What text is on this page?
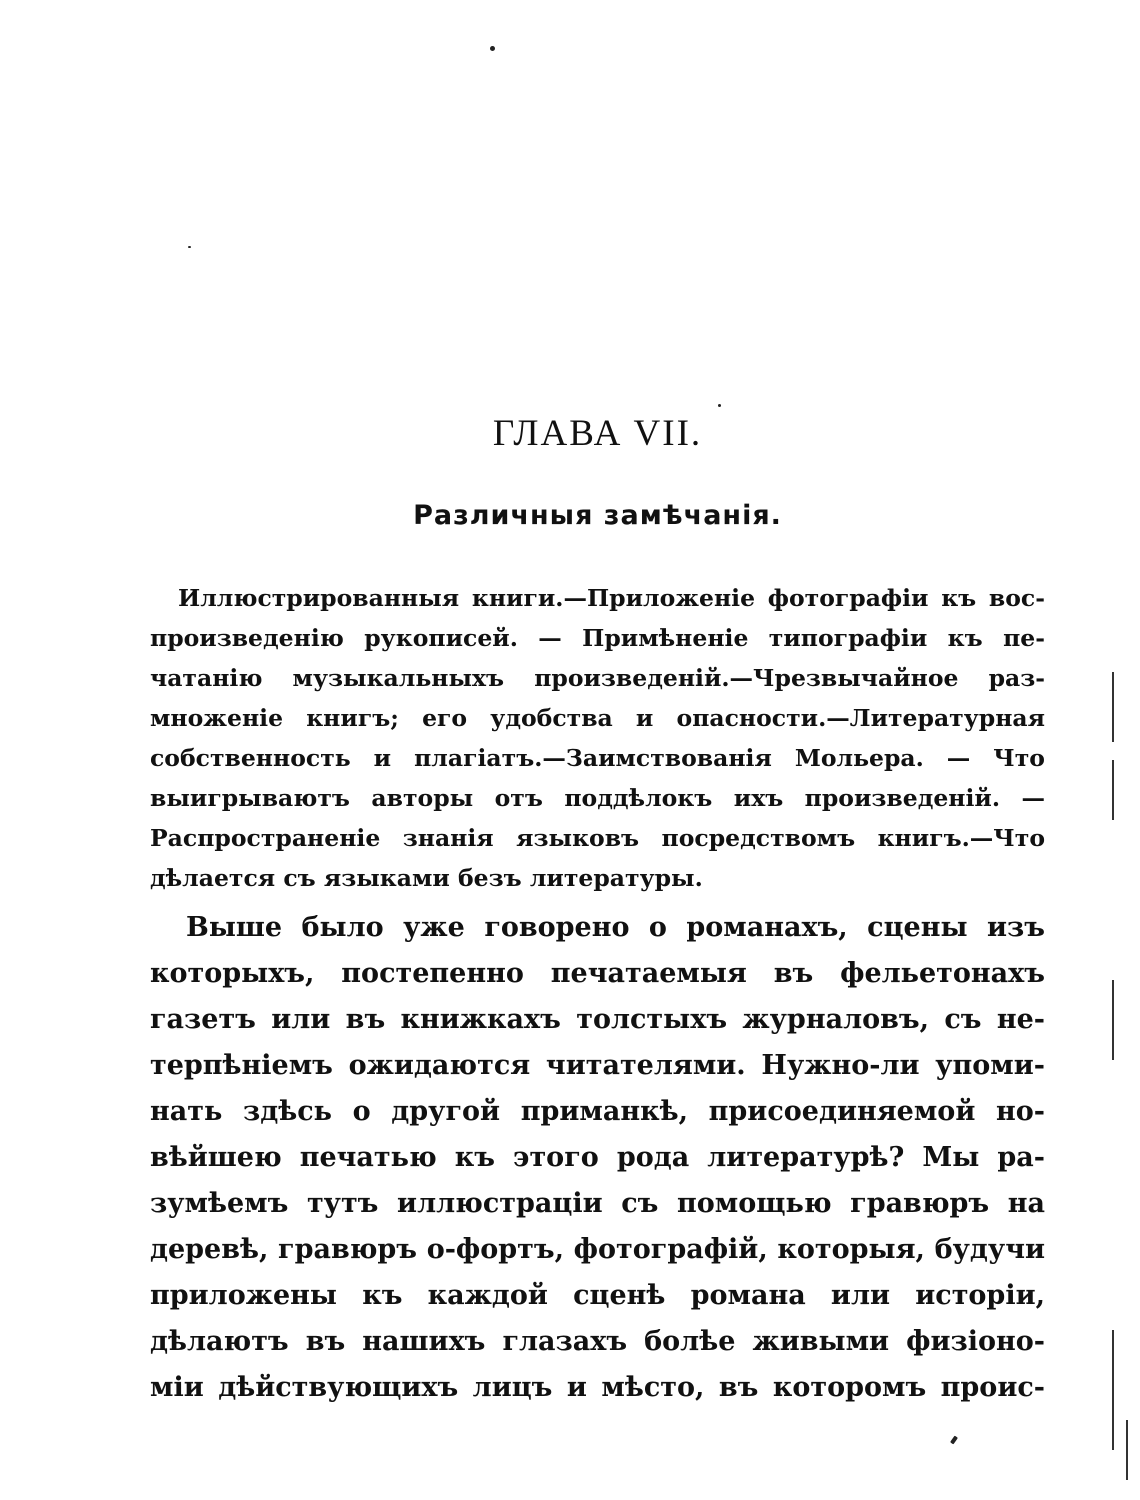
ГЛАВА VII.
Различныя замѣчанія.
Иллюстрированныя книги.—Приложеніе фотографіи къ вос-
произведенію рукописей. — Примѣненіе типографіи къ пе-
чатанію музыкальныхъ произведеній.—Чрезвычайное раз-
множеніе книгъ; его удобства и опасности.—Литературная
собственность и плагіатъ.—Заимствованія Мольера. — Что
выигрываютъ авторы отъ поддѣлокъ ихъ произведеній. —
Распространеніе знанія языковъ посредствомъ книгъ.—Что
дѣлается съ языками безъ литературы.
Выше было уже говорено о романахъ, сцены изъ
которыхъ, постепенно печатаемыя въ фельетонахъ
газетъ или въ книжкахъ толстыхъ журналовъ, съ не-
терпѣніемъ ожидаются читателями. Нужно-ли упоми-
нать здѣсь о другой приманкѣ, присоединяемой но-
вѣйшею печатью къ этого рода литературѣ? Мы ра-
зумѣемъ тутъ иллюстраціи съ помощью гравюръ на
деревѣ, гравюръ о-фортъ, фотографій, которыя, будучи
приложены къ каждой сценѣ романа или исторіи,
дѣлаютъ въ нашихъ глазахъ болѣе живыми физіоно-
міи дѣйствующихъ лицъ и мѣсто, въ которомъ проис-
